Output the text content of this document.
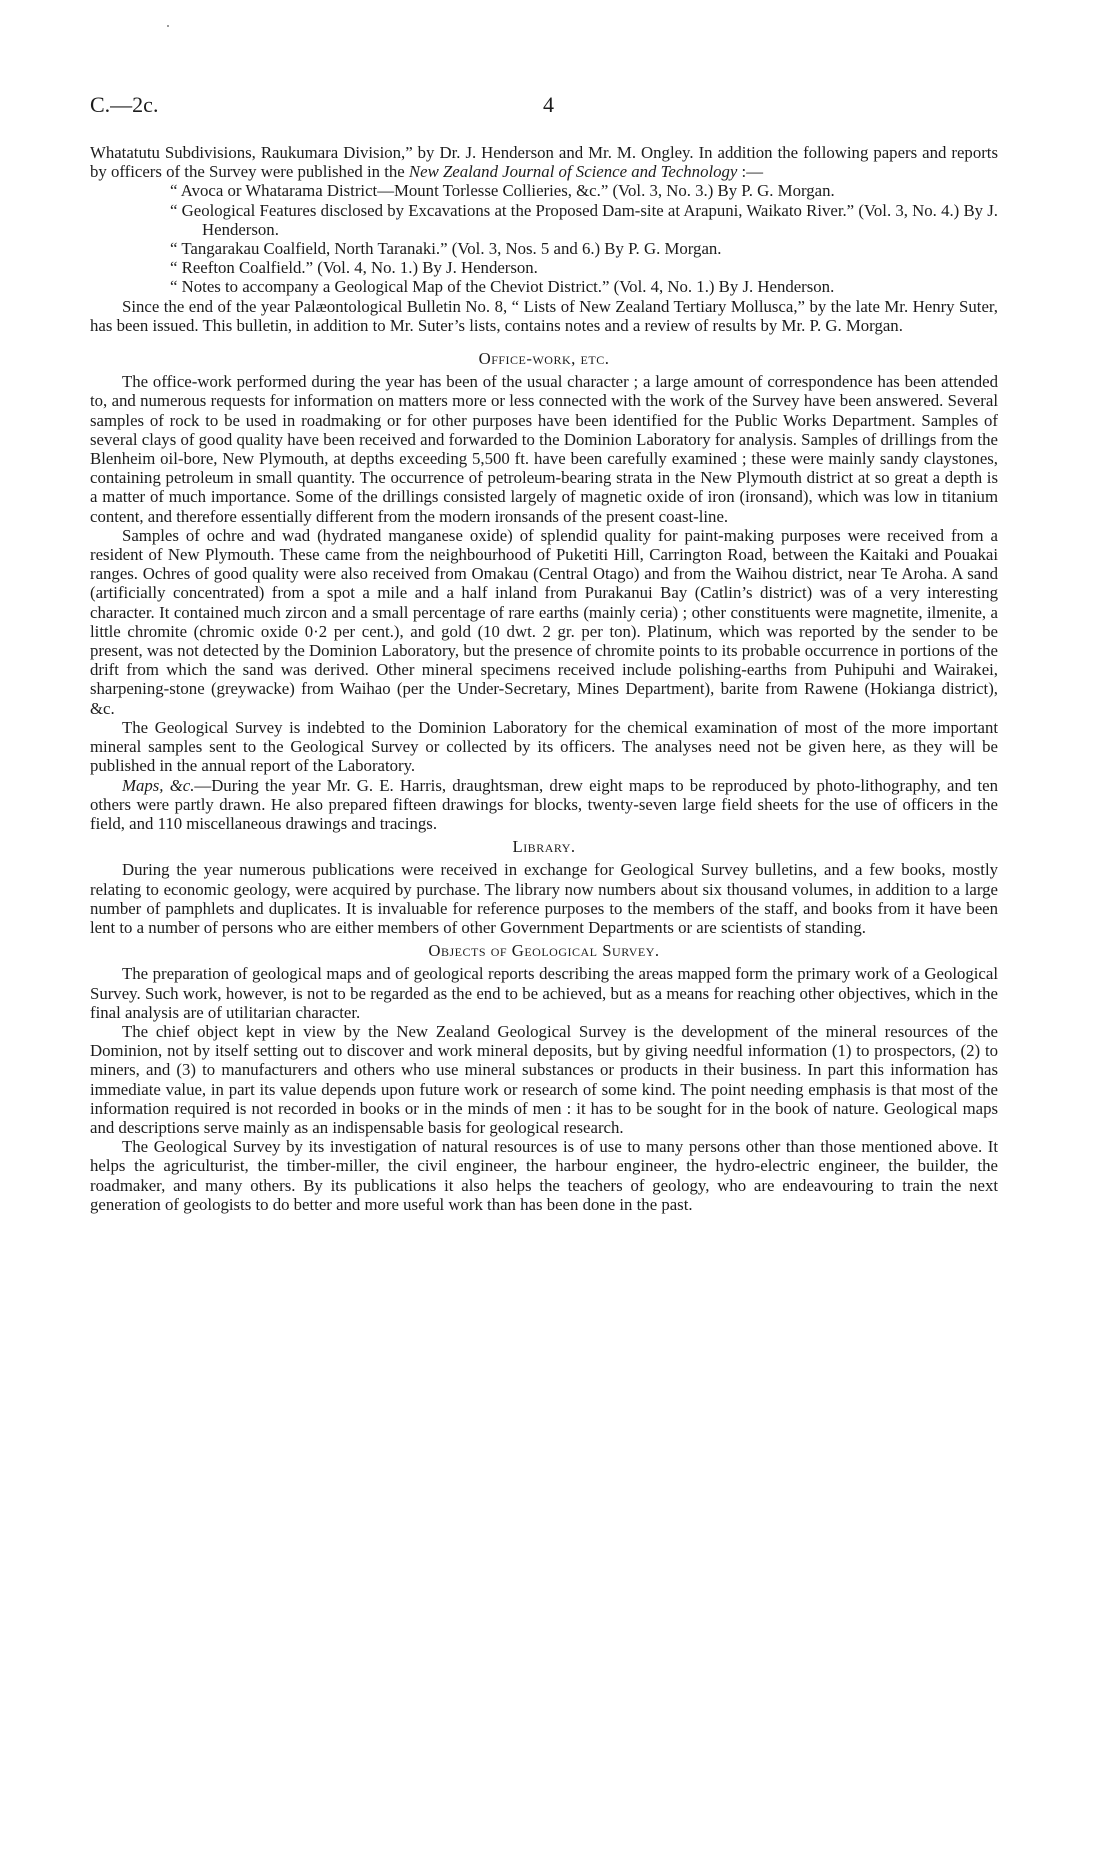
C.—2c.	4

Whatatutu Subdivisions, Raukumara Division,” by Dr. J. Henderson and Mr. M. Ongley. In addition the following papers and reports by officers of the Survey were published in the New Zealand Journal of Science and Technology :—

“ Avoca or Whatarama District—Mount Torlesse Collieries, &c.” (Vol. 3, No. 3.) By P. G. Morgan.

“ Geological Features disclosed by Excavations at the Proposed Dam-site at Arapuni, Waikato River.” (Vol. 3, No. 4.) By J. Henderson.

“ Tangarakau Coalfield, North Taranaki.” (Vol. 3, Nos. 5 and 6.) By P. G. Morgan.

“ Reefton Coalfield.” (Vol. 4, No. 1.) By J. Henderson.

“ Notes to accompany a Geological Map of the Cheviot District.” (Vol. 4, No. 1.) By J. Henderson.

Since the end of the year Palæontological Bulletin No. 8, “ Lists of New Zealand Tertiary Mollusca,” by the late Mr. Henry Suter, has been issued. This bulletin, in addition to Mr. Suter’s lists, contains notes and a review of results by Mr. P. G. Morgan.

Office-work, etc.

The office-work performed during the year has been of the usual character ; a large amount of correspondence has been attended to, and numerous requests for information on matters more or less connected with the work of the Survey have been answered. Several samples of rock to be used in roadmaking or for other purposes have been identified for the Public Works Department. Samples of several clays of good quality have been received and forwarded to the Dominion Laboratory for analysis. Samples of drillings from the Blenheim oil-bore, New Plymouth, at depths exceeding 5,500 ft. have been carefully examined ; these were mainly sandy claystones, containing petroleum in small quantity. The occurrence of petroleum-bearing strata in the New Plymouth district at so great a depth is a matter of much importance. Some of the drillings consisted largely of magnetic oxide of iron (ironsand), which was low in titanium content, and therefore essentially different from the modern ironsands of the present coast-line.

Samples of ochre and wad (hydrated manganese oxide) of splendid quality for paint-making purposes were received from a resident of New Plymouth. These came from the neighbourhood of Puketiti Hill, Carrington Road, between the Kaitaki and Pouakai ranges. Ochres of good quality were also received from Omakau (Central Otago) and from the Waihou district, near Te Aroha. A sand (artificially concentrated) from a spot a mile and a half inland from Purakanui Bay (Catlin’s district) was of a very interesting character. It contained much zircon and a small percentage of rare earths (mainly ceria) ; other constituents were magnetite, ilmenite, a little chromite (chromic oxide 0·2 per cent.), and gold (10 dwt. 2 gr. per ton). Platinum, which was reported by the sender to be present, was not detected by the Dominion Laboratory, but the presence of chromite points to its probable occurrence in portions of the drift from which the sand was derived. Other mineral specimens received include polishing-earths from Puhipuhi and Wairakei, sharpening-stone (greywacke) from Waihao (per the Under-Secretary, Mines Department), barite from Rawene (Hokianga district), &c.

The Geological Survey is indebted to the Dominion Laboratory for the chemical examination of most of the more important mineral samples sent to the Geological Survey or collected by its officers. The analyses need not be given here, as they will be published in the annual report of the Laboratory.

Maps, &c.—During the year Mr. G. E. Harris, draughtsman, drew eight maps to be reproduced by photo-lithography, and ten others were partly drawn. He also prepared fifteen drawings for blocks, twenty-seven large field sheets for the use of officers in the field, and 110 miscellaneous drawings and tracings.

Library.

During the year numerous publications were received in exchange for Geological Survey bulletins, and a few books, mostly relating to economic geology, were acquired by purchase. The library now numbers about six thousand volumes, in addition to a large number of pamphlets and duplicates. It is invaluable for reference purposes to the members of the staff, and books from it have been lent to a number of persons who are either members of other Government Departments or are scientists of standing.

Objects of Geological Survey.

The preparation of geological maps and of geological reports describing the areas mapped form the primary work of a Geological Survey. Such work, however, is not to be regarded as the end to be achieved, but as a means for reaching other objectives, which in the final analysis are of utilitarian character.

The chief object kept in view by the New Zealand Geological Survey is the development of the mineral resources of the Dominion, not by itself setting out to discover and work mineral deposits, but by giving needful information (1) to prospectors, (2) to miners, and (3) to manufacturers and others who use mineral substances or products in their business. In part this information has immediate value, in part its value depends upon future work or research of some kind. The point needing emphasis is that most of the information required is not recorded in books or in the minds of men : it has to be sought for in the book of nature. Geological maps and descriptions serve mainly as an indispensable basis for geological research.

The Geological Survey by its investigation of natural resources is of use to many persons other than those mentioned above. It helps the agriculturist, the timber-miller, the civil engineer, the harbour engineer, the hydro-electric engineer, the builder, the roadmaker, and many others. By its publications it also helps the teachers of geology, who are endeavouring to train the next generation of geologists to do better and more useful work than has been done in the past.
